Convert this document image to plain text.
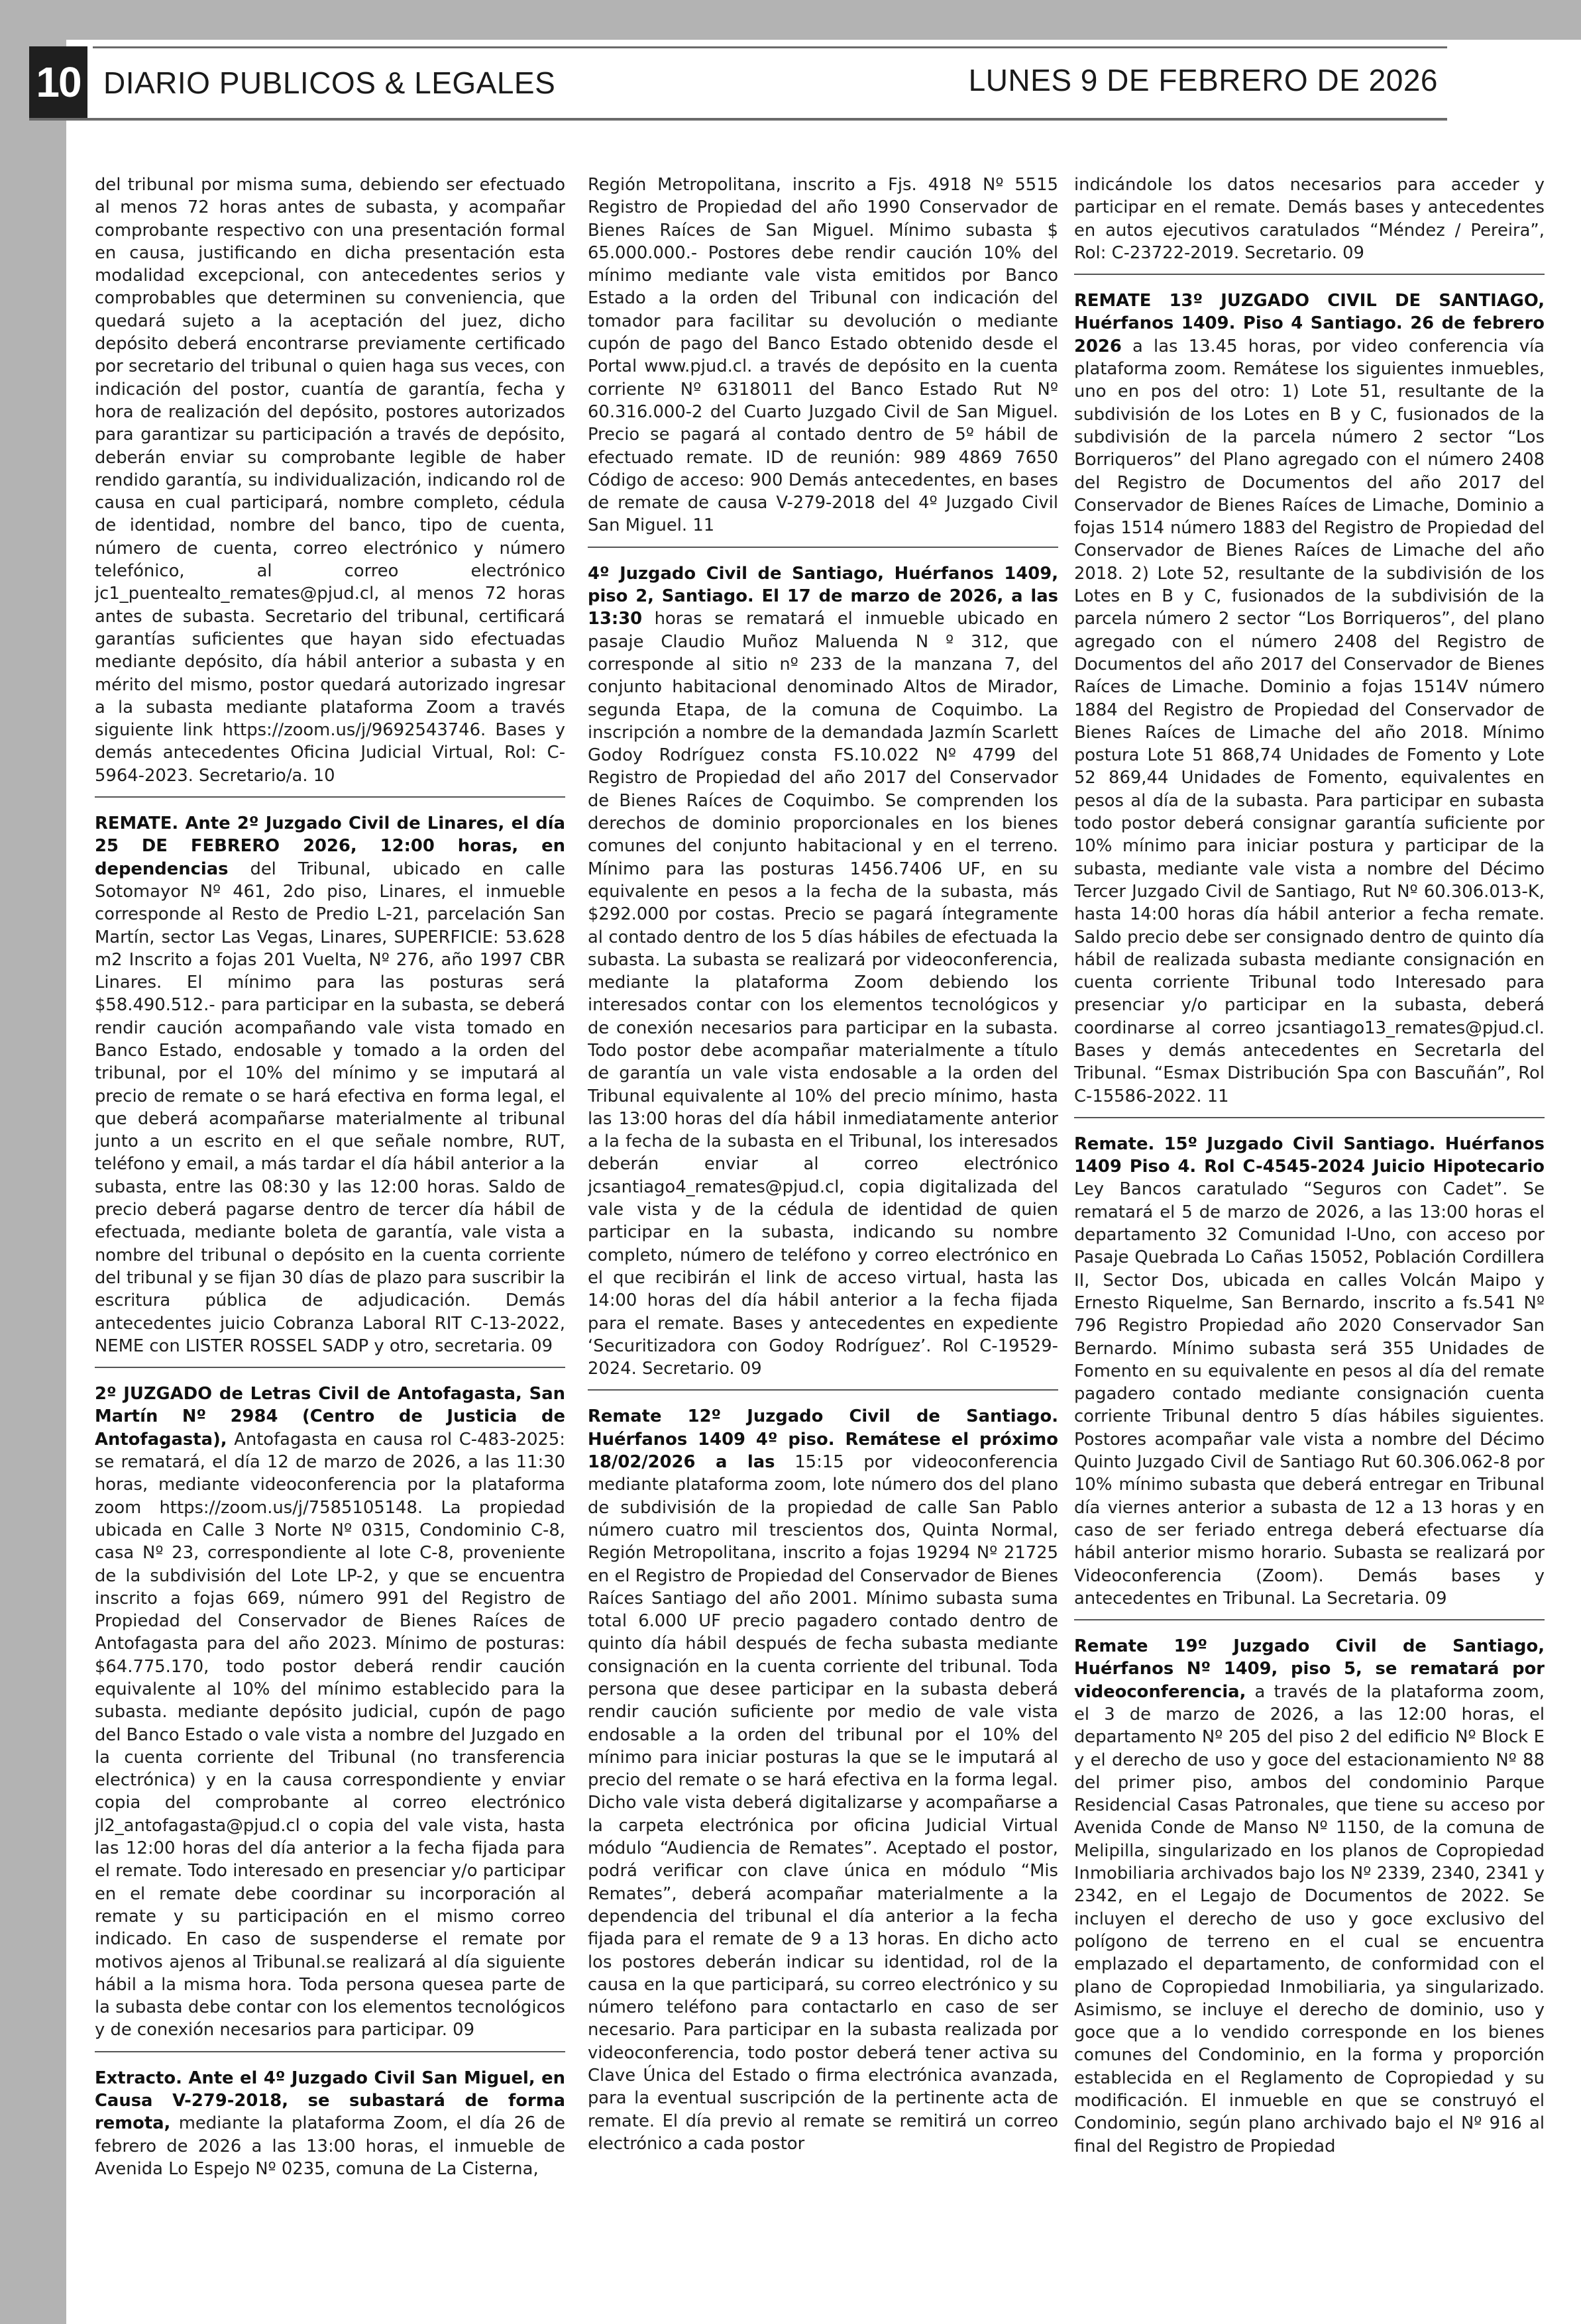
10 DIARIO PUBLICOS & LEGALES	LUNES 9 DE FEBRERO DE 2026

del tribunal por misma suma, debiendo ser efectuado al menos 72 horas antes de subasta, y acompañar comprobante respectivo con una presentación formal en causa, justificando en dicha presentación esta modalidad excepcional, con antecedentes serios y comprobables que determinen su conveniencia, que quedará sujeto a la aceptación del juez, dicho depósito deberá encontrarse previamente certificado por secretario del tribunal o quien haga sus veces, con indicación del postor, cuantía de garantía, fecha y hora de realización del depósito, postores autorizados para garantizar su participación a través de depósito, deberán enviar su comprobante legible de haber rendido garantía, su individualización, indicando rol de causa en cual participará, nombre completo, cédula de identidad, nombre del banco, tipo de cuenta, número de cuenta, correo electrónico y número telefónico, al correo electrónico jc1_puentealto_remates@pjud.cl, al menos 72 horas antes de subasta. Secretario del tribunal, certificará garantías suficientes que hayan sido efectuadas mediante depósito, día hábil anterior a subasta y en mérito del mismo, postor quedará autorizado ingresar a la subasta mediante plataforma Zoom a través siguiente link https://zoom.us/j/9692543746. Bases y demás antecedentes Oficina Judicial Virtual, Rol: C-5964-2023. Secretario/a. 10

REMATE. Ante 2º Juzgado Civil de Linares, el día 25 DE FEBRERO 2026, 12:00 horas, en dependencias del Tribunal, ubicado en calle Sotomayor Nº 461, 2do piso, Linares, el inmueble corresponde al Resto de Predio L-21, parcelación San Martín, sector Las Vegas, Linares, SUPERFICIE: 53.628 m2 Inscrito a fojas 201 Vuelta, Nº 276, año 1997 CBR Linares. El mínimo para las posturas será $58.490.512.- para participar en la subasta, se deberá rendir caución acompañando vale vista tomado en Banco Estado, endosable y tomado a la orden del tribunal, por el 10% del mínimo y se imputará al precio de remate o se hará efectiva en forma legal, el que deberá acompañarse materialmente al tribunal junto a un escrito en el que señale nombre, RUT, teléfono y email, a más tardar el día hábil anterior a la subasta, entre las 08:30 y las 12:00 horas. Saldo de precio deberá pagarse dentro de tercer día hábil de efectuada, mediante boleta de garantía, vale vista a nombre del tribunal o depósito en la cuenta corriente del tribunal y se fijan 30 días de plazo para suscribir la escritura pública de adjudicación. Demás antecedentes juicio Cobranza Laboral RIT C-13-2022, NEME con LISTER ROSSEL SADP y otro, secretaria. 09

2º JUZGADO de Letras Civil de Antofagasta, San Martín Nº 2984 (Centro de Justicia de Antofagasta), Antofagasta en causa rol C-483-2025: se rematará, el día 12 de marzo de 2026, a las 11:30 horas, mediante videoconferencia por la plataforma zoom https://zoom.us/j/7585105148. La propiedad ubicada en Calle 3 Norte Nº 0315, Condominio C-8, casa Nº 23, correspondiente al lote C-8, proveniente de la subdivisión del Lote LP-2, y que se encuentra inscrito a fojas 669, número 991 del Registro de Propiedad del Conservador de Bienes Raíces de Antofagasta para del año 2023. Mínimo de posturas: $64.775.170, todo postor deberá rendir caución equivalente al 10% del mínimo establecido para la subasta. mediante depósito judicial, cupón de pago del Banco Estado o vale vista a nombre del Juzgado en la cuenta corriente del Tribunal (no transferencia electrónica) y en la causa correspondiente y enviar copia del comprobante al correo electrónico jl2_antofagasta@pjud.cl o copia del vale vista, hasta las 12:00 horas del día anterior a la fecha fijada para el remate. Todo interesado en presenciar y/o participar en el remate debe coordinar su incorporación al remate y su participación en el mismo correo indicado. En caso de suspenderse el remate por motivos ajenos al Tribunal.se realizará al día siguiente hábil a la misma hora. Toda persona quesea parte de la subasta debe contar con los elementos tecnológicos y de conexión necesarios para participar. 09

Extracto. Ante el 4º Juzgado Civil San Miguel, en Causa V-279-2018, se subastará de forma remota, mediante la plataforma Zoom, el día 26 de febrero de 2026 a las 13:00 horas, el inmueble de Avenida Lo Espejo Nº 0235, comuna de La Cisterna,

Región Metropolitana, inscrito a Fjs. 4918 Nº 5515 Registro de Propiedad del año 1990 Conservador de Bienes Raíces de San Miguel. Mínimo subasta $ 65.000.000.- Postores debe rendir caución 10% del mínimo mediante vale vista emitidos por Banco Estado a la orden del Tribunal con indicación del tomador para facilitar su devolución o mediante cupón de pago del Banco Estado obtenido desde el Portal www.pjud.cl. a través de depósito en la cuenta corriente Nº 6318011 del Banco Estado Rut Nº 60.316.000-2 del Cuarto Juzgado Civil de San Miguel. Precio se pagará al contado dentro de 5º hábil de efectuado remate. ID de reunión: 989 4869 7650 Código de acceso: 900 Demás antecedentes, en bases de remate de causa V-279-2018 del 4º Juzgado Civil San Miguel. 11

4º Juzgado Civil de Santiago, Huérfanos 1409, piso 2, Santiago. El 17 de marzo de 2026, a las 13:30 horas se rematará el inmueble ubicado en pasaje Claudio Muñoz Maluenda N º 312, que corresponde al sitio nº 233 de la manzana 7, del conjunto habitacional denominado Altos de Mirador, segunda Etapa, de la comuna de Coquimbo. La inscripción a nombre de la demandada Jazmín Scarlett Godoy Rodríguez consta FS.10.022 Nº 4799 del Registro de Propiedad del año 2017 del Conservador de Bienes Raíces de Coquimbo. Se comprenden los derechos de dominio proporcionales en los bienes comunes del conjunto habitacional y en el terreno. Mínimo para las posturas 1456.7406 UF, en su equivalente en pesos a la fecha de la subasta, más $292.000 por costas. Precio se pagará íntegramente al contado dentro de los 5 días hábiles de efectuada la subasta. La subasta se realizará por videoconferencia, mediante la plataforma Zoom debiendo los interesados contar con los elementos tecnológicos y de conexión necesarios para participar en la subasta. Todo postor debe acompañar materialmente a título de garantía un vale vista endosable a la orden del Tribunal equivalente al 10% del precio mínimo, hasta las 13:00 horas del día hábil inmediatamente anterior a la fecha de la subasta en el Tribunal, los interesados deberán enviar al correo electrónico jcsantiago4_remates@pjud.cl, copia digitalizada del vale vista y de la cédula de identidad de quien participar en la subasta, indicando su nombre completo, número de teléfono y correo electrónico en el que recibirán el link de acceso virtual, hasta las 14:00 horas del día hábil anterior a la fecha fijada para el remate. Bases y antecedentes en expediente ‘Securitizadora con Godoy Rodríguez’. Rol C-19529-2024. Secretario. 09

Remate 12º Juzgado Civil de Santiago. Huérfanos 1409 4º piso. Remátese el próximo 18/02/2026 a las 15:15 por videoconferencia mediante plataforma zoom, lote número dos del plano de subdivisión de la propiedad de calle San Pablo número cuatro mil trescientos dos, Quinta Normal, Región Metropolitana, inscrito a fojas 19294 Nº 21725 en el Registro de Propiedad del Conservador de Bienes Raíces Santiago del año 2001. Mínimo subasta suma total 6.000 UF precio pagadero contado dentro de quinto día hábil después de fecha subasta mediante consignación en la cuenta corriente del tribunal. Toda persona que desee participar en la subasta deberá rendir caución suficiente por medio de vale vista endosable a la orden del tribunal por el 10% del mínimo para iniciar posturas la que se le imputará al precio del remate o se hará efectiva en la forma legal. Dicho vale vista deberá digitalizarse y acompañarse a la carpeta electrónica por oficina Judicial Virtual módulo “Audiencia de Remates”. Aceptado el postor, podrá verificar con clave única en módulo “Mis Remates”, deberá acompañar materialmente a la dependencia del tribunal el día anterior a la fecha fijada para el remate de 9 a 13 horas. En dicho acto los postores deberán indicar su identidad, rol de la causa en la que participará, su correo electrónico y su número teléfono para contactarlo en caso de ser necesario. Para participar en la subasta realizada por videoconferencia, todo postor deberá tener activa su Clave Única del Estado o firma electrónica avanzada, para la eventual suscripción de la pertinente acta de remate. El día previo al remate se remitirá un correo electrónico a cada postor

indicándole los datos necesarios para acceder y participar en el remate. Demás bases y antecedentes en autos ejecutivos caratulados “Méndez / Pereira”, Rol: C-23722-2019. Secretario. 09

REMATE 13º JUZGADO CIVIL DE SANTIAGO, Huérfanos 1409. Piso 4 Santiago. 26 de febrero 2026 a las 13.45 horas, por video conferencia vía plataforma zoom. Remátese los siguientes inmuebles, uno en pos del otro: 1) Lote 51, resultante de la subdivisión de los Lotes en B y C, fusionados de la subdivisión de la parcela número 2 sector “Los Borriqueros” del Plano agregado con el número 2408 del Registro de Documentos del año 2017 del Conservador de Bienes Raíces de Limache, Dominio a fojas 1514 número 1883 del Registro de Propiedad del Conservador de Bienes Raíces de Limache del año 2018. 2) Lote 52, resultante de la subdivisión de los Lotes en B y C, fusionados de la subdivisión de la parcela número 2 sector “Los Borriqueros”, del plano agregado con el número 2408 del Registro de Documentos del año 2017 del Conservador de Bienes Raíces de Limache. Dominio a fojas 1514V número 1884 del Registro de Propiedad del Conservador de Bienes Raíces de Limache del año 2018. Mínimo postura Lote 51 868,74 Unidades de Fomento y Lote 52 869,44 Unidades de Fomento, equivalentes en pesos al día de la subasta. Para participar en subasta todo postor deberá consignar garantía suficiente por 10% mínimo para iniciar postura y participar de la subasta, mediante vale vista a nombre del Décimo Tercer Juzgado Civil de Santiago, Rut Nº 60.306.013-K, hasta 14:00 horas día hábil anterior a fecha remate. Saldo precio debe ser consignado dentro de quinto día hábil de realizada subasta mediante consignación en cuenta corriente Tribunal todo Interesado para presenciar y/o participar en la subasta, deberá coordinarse al correo jcsantiago13_remates@pjud.cl. Bases y demás antecedentes en Secretarla del Tribunal. “Esmax Distribución Spa con Bascuñán”, Rol C-15586-2022. 11

Remate. 15º Juzgado Civil Santiago. Huérfanos 1409 Piso 4. Rol C-4545-2024 Juicio Hipotecario Ley Bancos caratulado “Seguros con Cadet”. Se rematará el 5 de marzo de 2026, a las 13:00 horas el departamento 32 Comunidad I-Uno, con acceso por Pasaje Quebrada Lo Cañas 15052, Población Cordillera II, Sector Dos, ubicada en calles Volcán Maipo y Ernesto Riquelme, San Bernardo, inscrito a fs.541 Nº 796 Registro Propiedad año 2020 Conservador San Bernardo. Mínimo subasta será 355 Unidades de Fomento en su equivalente en pesos al día del remate pagadero contado mediante consignación cuenta corriente Tribunal dentro 5 días hábiles siguientes. Postores acompañar vale vista a nombre del Décimo Quinto Juzgado Civil de Santiago Rut 60.306.062-8 por 10% mínimo subasta que deberá entregar en Tribunal día viernes anterior a subasta de 12 a 13 horas y en caso de ser feriado entrega deberá efectuarse día hábil anterior mismo horario. Subasta se realizará por Videoconferencia (Zoom). Demás bases y antecedentes en Tribunal. La Secretaria. 09

Remate 19º Juzgado Civil de Santiago, Huérfanos Nº 1409, piso 5, se rematará por videoconferencia, a través de la plataforma zoom, el 3 de marzo de 2026, a las 12:00 horas, el departamento Nº 205 del piso 2 del edificio Nº Block E y el derecho de uso y goce del estacionamiento Nº 88 del primer piso, ambos del condominio Parque Residencial Casas Patronales, que tiene su acceso por Avenida Conde de Manso Nº 1150, de la comuna de Melipilla, singularizado en los planos de Copropiedad Inmobiliaria archivados bajo los Nº 2339, 2340, 2341 y 2342, en el Legajo de Documentos de 2022. Se incluyen el derecho de uso y goce exclusivo del polígono de terreno en el cual se encuentra emplazado el departamento, de conformidad con el plano de Copropiedad Inmobiliaria, ya singularizado. Asimismo, se incluye el derecho de dominio, uso y goce que a lo vendido corresponde en los bienes comunes del Condominio, en la forma y proporción establecida en el Reglamento de Copropiedad y su modificación. El inmueble en que se construyó el Condominio, según plano archivado bajo el Nº 916 al final del Registro de Propiedad
